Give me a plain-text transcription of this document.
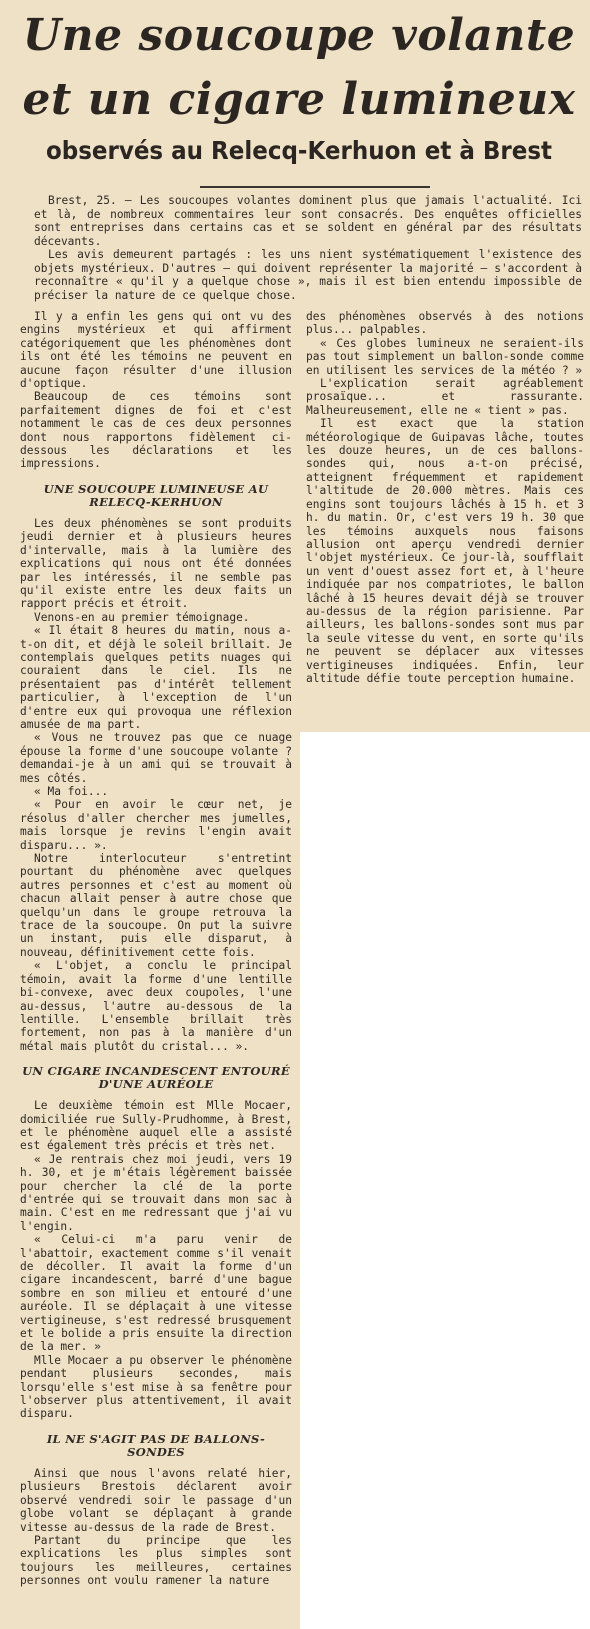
Une soucoupe volante
et un cigare lumineux
observés au Relecq-Kerhuon et à Brest

Brest, 25. — Les soucoupes volantes dominent plus que jamais l'actualité. Ici et là, de nombreux commentaires leur sont consacrés. Des enquêtes officielles sont entreprises dans certains cas et se soldent en général par des résultats décevants.

Les avis demeurent partagés : les uns nient systématiquement l'existence des objets mystérieux. D'autres — qui doivent représenter la majorité — s'accordent à reconnaître « qu'il y a quelque chose », mais il est bien entendu impossible de préciser la nature de ce quelque chose.

Il y a enfin les gens qui ont vu des engins mystérieux et qui affirment catégoriquement que les phénomènes dont ils ont été les témoins ne peuvent en aucune façon résulter d'une illusion d'optique.

Beaucoup de ces témoins sont parfaitement dignes de foi et c'est notamment le cas de ces deux personnes dont nous rapportons fidèlement ci-dessous les déclarations et les impressions.

UNE SOUCOUPE LUMINEUSE AU RELECQ-KERHUON

Les deux phénomènes se sont produits jeudi dernier et à plusieurs heures d'intervalle, mais à la lumière des explications qui nous ont été données par les intéressés, il ne semble pas qu'il existe entre les deux faits un rapport précis et étroit.

Venons-en au premier témoignage.

« Il était 8 heures du matin, nous a-t-on dit, et déjà le soleil brillait. Je contemplais quelques petits nuages qui couraient dans le ciel. Ils ne présentaient pas d'intérêt tellement particulier, à l'exception de l'un d'entre eux qui provoqua une réflexion amusée de ma part.

« Vous ne trouvez pas que ce nuage épouse la forme d'une soucoupe volante ? demandai-je à un ami qui se trouvait à mes côtés.

« Ma foi...

« Pour en avoir le cœur net, je résolus d'aller chercher mes jumelles, mais lorsque je revins l'engin avait disparu... ».

Notre interlocuteur s'entretint pourtant du phénomène avec quelques autres personnes et c'est au moment où chacun allait penser à autre chose que quelqu'un dans le groupe retrouva la trace de la soucoupe. On put la suivre un instant, puis elle disparut, à nouveau, définitivement cette fois.

« L'objet, a conclu le principal témoin, avait la forme d'une lentille bi-convexe, avec deux coupoles, l'une au-dessus, l'autre au-dessous de la lentille. L'ensemble brillait très fortement, non pas à la manière d'un métal mais plutôt du cristal... ».

UN CIGARE INCANDESCENT ENTOURÉ D'UNE AURÉOLE

Le deuxième témoin est Mlle Mocaer, domiciliée rue Sully-Prudhomme, à Brest, et le phénomène auquel elle a assisté est également très précis et très net.

« Je rentrais chez moi jeudi, vers 19 h. 30, et je m'étais légèrement baissée pour chercher la clé de la porte d'entrée qui se trouvait dans mon sac à main. C'est en me redressant que j'ai vu l'engin.

« Celui-ci m'a paru venir de l'abattoir, exactement comme s'il venait de décoller. Il avait la forme d'un cigare incandescent, barré d'une bague sombre en son milieu et entouré d'une auréole. Il se déplaçait à une vitesse vertigineuse, s'est redressé brusquement et le bolide a pris ensuite la direction de la mer. »

Mlle Mocaer a pu observer le phénomène pendant plusieurs secondes, mais lorsqu'elle s'est mise à sa fenêtre pour l'observer plus attentivement, il avait disparu.

IL NE S'AGIT PAS DE BALLONS-SONDES

Ainsi que nous l'avons relaté hier, plusieurs Brestois déclarent avoir observé vendredi soir le passage d'un globe volant se déplaçant à grande vitesse au-dessus de la rade de Brest.

Partant du principe que les explications les plus simples sont toujours les meilleures, certaines personnes ont voulu ramener la nature

des phénomènes observés à des notions plus... palpables.

« Ces globes lumineux ne seraient-ils pas tout simplement un ballon-sonde comme en utilisent les services de la météo ? »

L'explication serait agréablement prosaïque... et rassurante. Malheureusement, elle ne « tient » pas.

Il est exact que la station météorologique de Guipavas lâche, toutes les douze heures, un de ces ballons-sondes qui, nous a-t-on précisé, atteignent fréquemment et rapidement l'altitude de 20.000 mètres. Mais ces engins sont toujours lâchés à 15 h. et 3 h. du matin. Or, c'est vers 19 h. 30 que les témoins auxquels nous faisons allusion ont aperçu vendredi dernier l'objet mystérieux. Ce jour-là, soufflait un vent d'ouest assez fort et, à l'heure indiquée par nos compatriotes, le ballon lâché à 15 heures devait déjà se trouver au-dessus de la région parisienne. Par ailleurs, les ballons-sondes sont mus par la seule vitesse du vent, en sorte qu'ils ne peuvent se déplacer aux vitesses vertigineuses indiquées. Enfin, leur altitude défie toute perception humaine.
